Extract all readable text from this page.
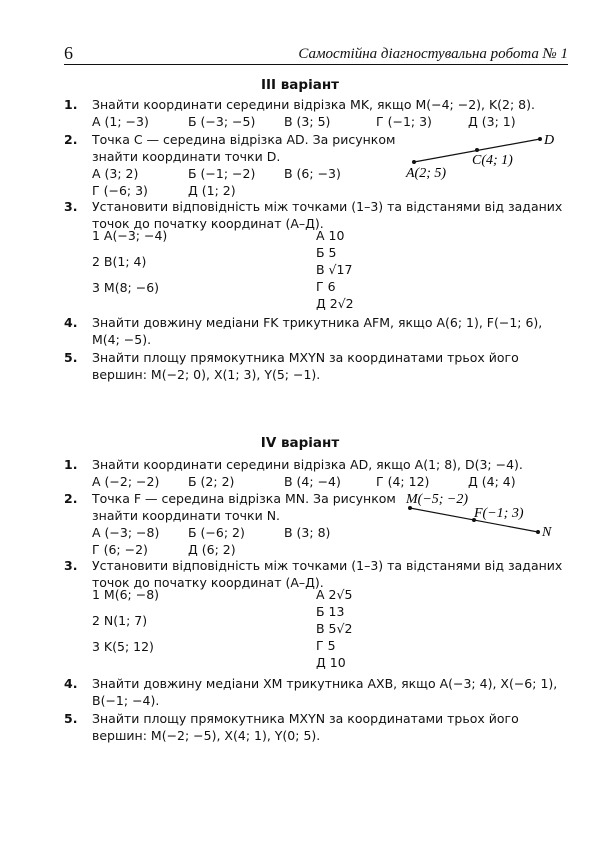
6	Самостійна діагностувальна робота № 1
III варіант
1. Знайти координати середини відрізка MK, якщо M(−4; −2), K(2; 8).
А (1; −3)	Б (−3; −5)	В (3; 5)	Г (−1; 3)	Д (3; 1)
2. Точка C — середина відрізка AD. За рисунком
знайти координати точки D.
А (3; 2)	Б (−1; −2)	В (6; −3)
Г (−6; 3)	Д (1; 2)
D
C(4; 1)
A(2; 5)
3. Установити відповідність між точками (1–3) та відстанями від заданих точок до початку координат (А–Д).
1 A(−3; −4)
2 B(1; 4)
3 M(8; −6)
А 10
Б 5
В √17
Г 6
Д 2√2
4. Знайти довжину медіани FK трикутника AFM, якщо A(6; 1), F(−1; 6), M(4; −5).
5. Знайти площу прямокутника MXYN за координатами трьох його вершин: M(−2; 0), X(1; 3), Y(5; −1).
IV варіант
1. Знайти координати середини відрізка AD, якщо A(1; 8), D(3; −4).
А (−2; −2)	Б (2; 2)	В (4; −4)	Г (4; 12)	Д (4; 4)
2. Точка F — середина відрізка MN. За рисунком
знайти координати точки N.
А (−3; −8)	Б (−6; 2)	В (3; 8)
Г (6; −2)	Д (6; 2)
M(−5; −2)
F(−1; 3)
N
3. Установити відповідність між точками (1–3) та відстанями від заданих точок до початку координат (А–Д).
1 M(6; −8)
2 N(1; 7)
3 K(5; 12)
А 2√5
Б 13
В 5√2
Г 5
Д 10
4. Знайти довжину медіани XM трикутника AXB, якщо A(−3; 4), X(−6; 1), B(−1; −4).
5. Знайти площу прямокутника MXYN за координатами трьох його вершин: M(−2; −5), X(4; 1), Y(0; 5).
